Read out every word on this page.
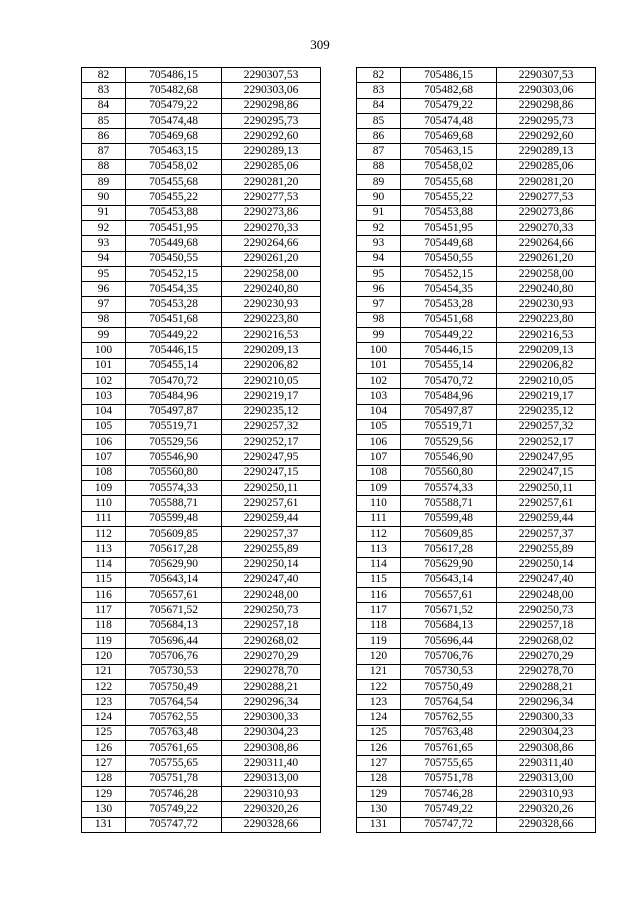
309
82	705486,15	2290307,53		82	705486,15	2290307,53
83	705482,68	2290303,06		83	705482,68	2290303,06
84	705479,22	2290298,86		84	705479,22	2290298,86
85	705474,48	2290295,73		85	705474,48	2290295,73
86	705469,68	2290292,60		86	705469,68	2290292,60
87	705463,15	2290289,13		87	705463,15	2290289,13
88	705458,02	2290285,06		88	705458,02	2290285,06
89	705455,68	2290281,20		89	705455,68	2290281,20
90	705455,22	2290277,53		90	705455,22	2290277,53
91	705453,88	2290273,86		91	705453,88	2290273,86
92	705451,95	2290270,33		92	705451,95	2290270,33
93	705449,68	2290264,66		93	705449,68	2290264,66
94	705450,55	2290261,20		94	705450,55	2290261,20
95	705452,15	2290258,00		95	705452,15	2290258,00
96	705454,35	2290240,80		96	705454,35	2290240,80
97	705453,28	2290230,93		97	705453,28	2290230,93
98	705451,68	2290223,80		98	705451,68	2290223,80
99	705449,22	2290216,53		99	705449,22	2290216,53
100	705446,15	2290209,13		100	705446,15	2290209,13
101	705455,14	2290206,82		101	705455,14	2290206,82
102	705470,72	2290210,05		102	705470,72	2290210,05
103	705484,96	2290219,17		103	705484,96	2290219,17
104	705497,87	2290235,12		104	705497,87	2290235,12
105	705519,71	2290257,32		105	705519,71	2290257,32
106	705529,56	2290252,17		106	705529,56	2290252,17
107	705546,90	2290247,95		107	705546,90	2290247,95
108	705560,80	2290247,15		108	705560,80	2290247,15
109	705574,33	2290250,11		109	705574,33	2290250,11
110	705588,71	2290257,61		110	705588,71	2290257,61
111	705599,48	2290259,44		111	705599,48	2290259,44
112	705609,85	2290257,37		112	705609,85	2290257,37
113	705617,28	2290255,89		113	705617,28	2290255,89
114	705629,90	2290250,14		114	705629,90	2290250,14
115	705643,14	2290247,40		115	705643,14	2290247,40
116	705657,61	2290248,00		116	705657,61	2290248,00
117	705671,52	2290250,73		117	705671,52	2290250,73
118	705684,13	2290257,18		118	705684,13	2290257,18
119	705696,44	2290268,02		119	705696,44	2290268,02
120	705706,76	2290270,29		120	705706,76	2290270,29
121	705730,53	2290278,70		121	705730,53	2290278,70
122	705750,49	2290288,21		122	705750,49	2290288,21
123	705764,54	2290296,34		123	705764,54	2290296,34
124	705762,55	2290300,33		124	705762,55	2290300,33
125	705763,48	2290304,23		125	705763,48	2290304,23
126	705761,65	2290308,86		126	705761,65	2290308,86
127	705755,65	2290311,40		127	705755,65	2290311,40
128	705751,78	2290313,00		128	705751,78	2290313,00
129	705746,28	2290310,93		129	705746,28	2290310,93
130	705749,22	2290320,26		130	705749,22	2290320,26
131	705747,72	2290328,66		131	705747,72	2290328,66
